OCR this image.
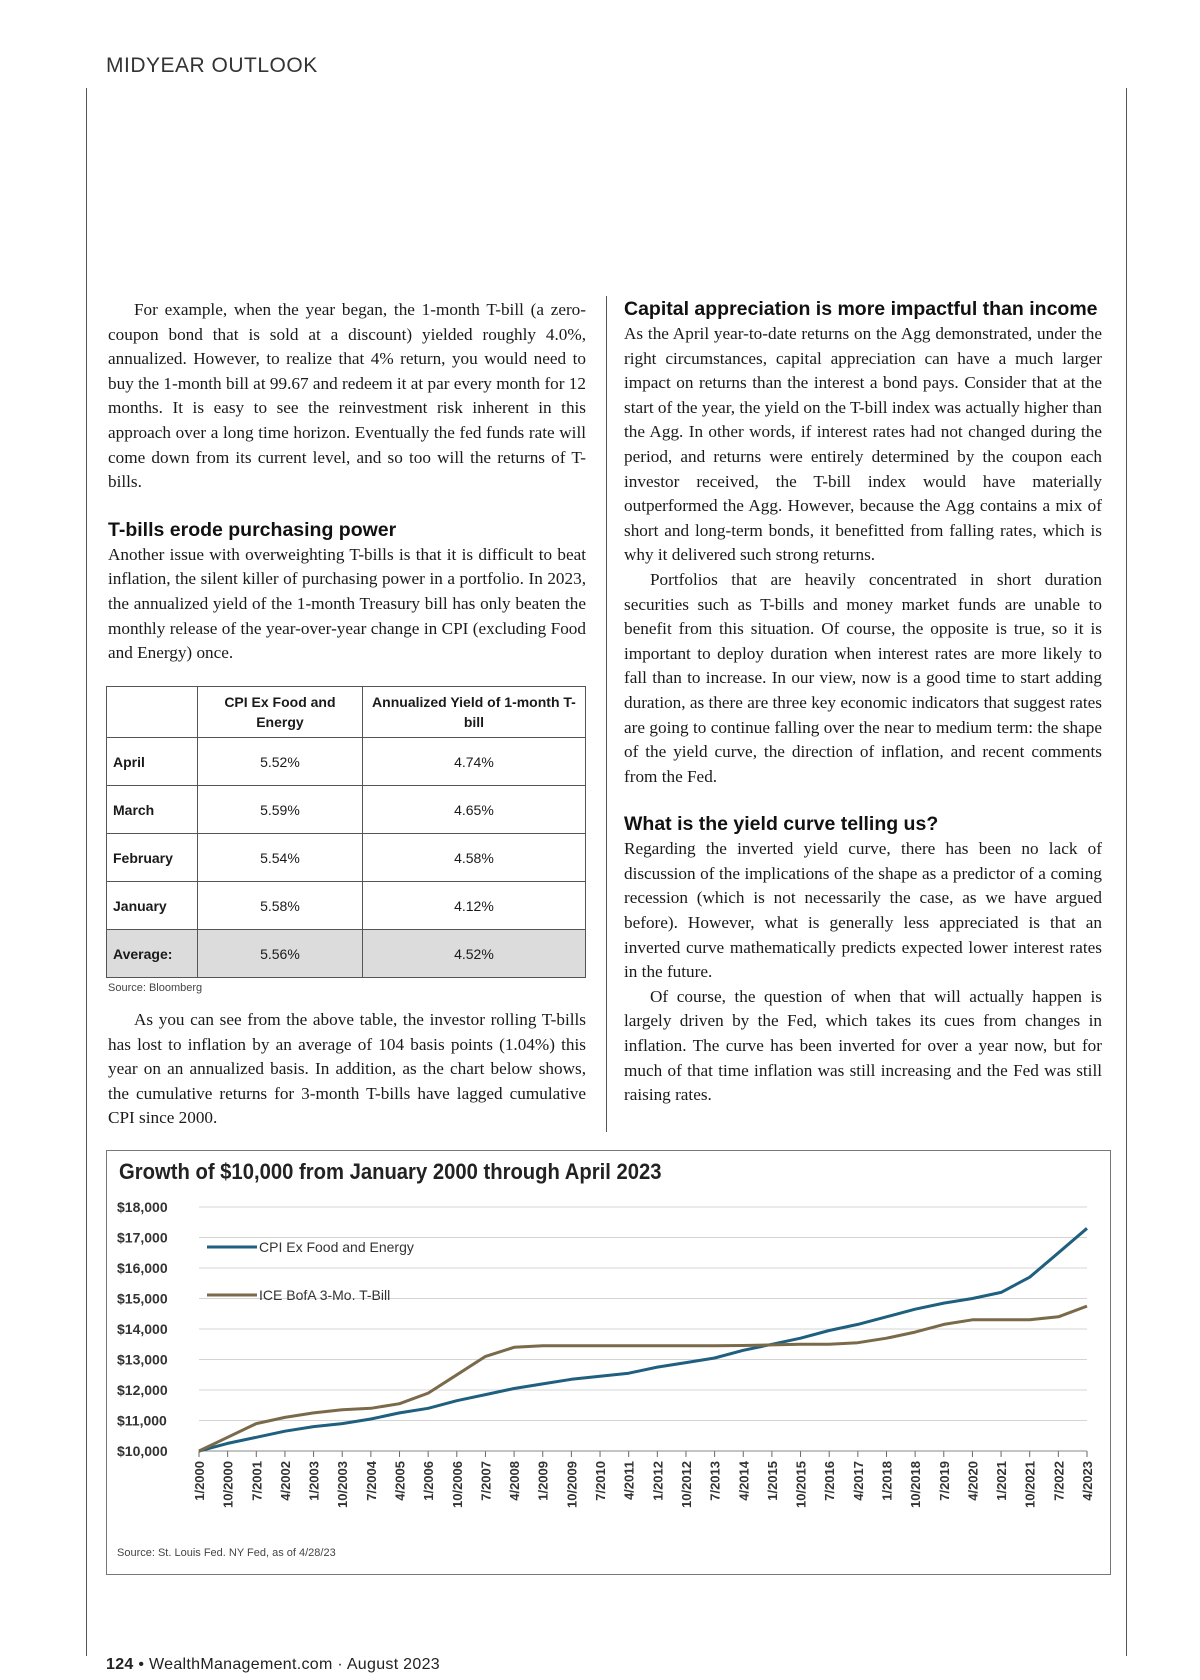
MIDYEAR OUTLOOK

For example, when the year began, the 1-month T-bill (a zero-coupon bond that is sold at a discount) yielded roughly 4.0%, annualized. However, to realize that 4% return, you would need to buy the 1-month bill at 99.67 and redeem it at par every month for 12 months. It is easy to see the reinvestment risk inherent in this approach over a long time horizon. Eventually the fed funds rate will come down from its current level, and so too will the returns of T-bills.

T-bills erode purchasing power

Another issue with overweighting T-bills is that it is difficult to beat inflation, the silent killer of purchasing power in a portfolio. In 2023, the annualized yield of the 1-month Treasury bill has only beaten the monthly release of the year-over-year change in CPI (excluding Food and Energy) once.

	CPI Ex Food and Energy	Annualized Yield of 1-month T-bill
April	5.52%	4.74%
March	5.59%	4.65%
February	5.54%	4.58%
January	5.58%	4.12%
Average:	5.56%	4.52%
Source: Bloomberg

As you can see from the above table, the investor rolling T-bills has lost to inflation by an average of 104 basis points (1.04%) this year on an annualized basis. In addition, as the chart below shows, the cumulative returns for 3-month T-bills have lagged cumulative CPI since 2000.

Capital appreciation is more impactful than income

As the April year-to-date returns on the Agg demonstrated, under the right circumstances, capital appreciation can have a much larger impact on returns than the interest a bond pays. Consider that at the start of the year, the yield on the T-bill index was actually higher than the Agg. In other words, if interest rates had not changed during the period, and returns were entirely determined by the coupon each investor received, the T-bill index would have materially outperformed the Agg. However, because the Agg contains a mix of short and long-term bonds, it benefitted from falling rates, which is why it delivered such strong returns.

Portfolios that are heavily concentrated in short duration securities such as T-bills and money market funds are unable to benefit from this situation. Of course, the opposite is true, so it is important to deploy duration when interest rates are more likely to fall than to increase. In our view, now is a good time to start adding duration, as there are three key economic indicators that suggest rates are going to continue falling over the near to medium term: the shape of the yield curve, the direction of inflation, and recent comments from the Fed.

What is the yield curve telling us?

Regarding the inverted yield curve, there has been no lack of discussion of the implications of the shape as a predictor of a coming recession (which is not necessarily the case, as we have argued before). However, what is generally less appreciated is that an inverted curve mathematically predicts expected lower interest rates in the future.

Of course, the question of when that will actually happen is largely driven by the Fed, which takes its cues from changes in inflation. The curve has been inverted for over a year now, but for much of that time inflation was still increasing and the Fed was still raising rates.

Growth of $10,000 from January 2000 through April 2023
$18,000
$17,000
$16,000
$15,000
$14,000
$13,000
$12,000
$11,000
$10,000
1/2000 10/2000 7/2001 4/2002 1/2003 10/2003 7/2004 4/2005 1/2006 10/2006 7/2007 4/2008 1/2009 10/2009 7/2010 4/2011 1/2012 10/2012 7/2013 4/2014 1/2015 10/2015 7/2016 4/2017 1/2018 10/2018 7/2019 4/2020 1/2021 10/2021 7/2022 4/2023
CPI Ex Food and Energy
ICE BofA 3-Mo. T-Bill
Source: St. Louis Fed. NY Fed, as of 4/28/23
124 • WealthManagement.com · August 2023
